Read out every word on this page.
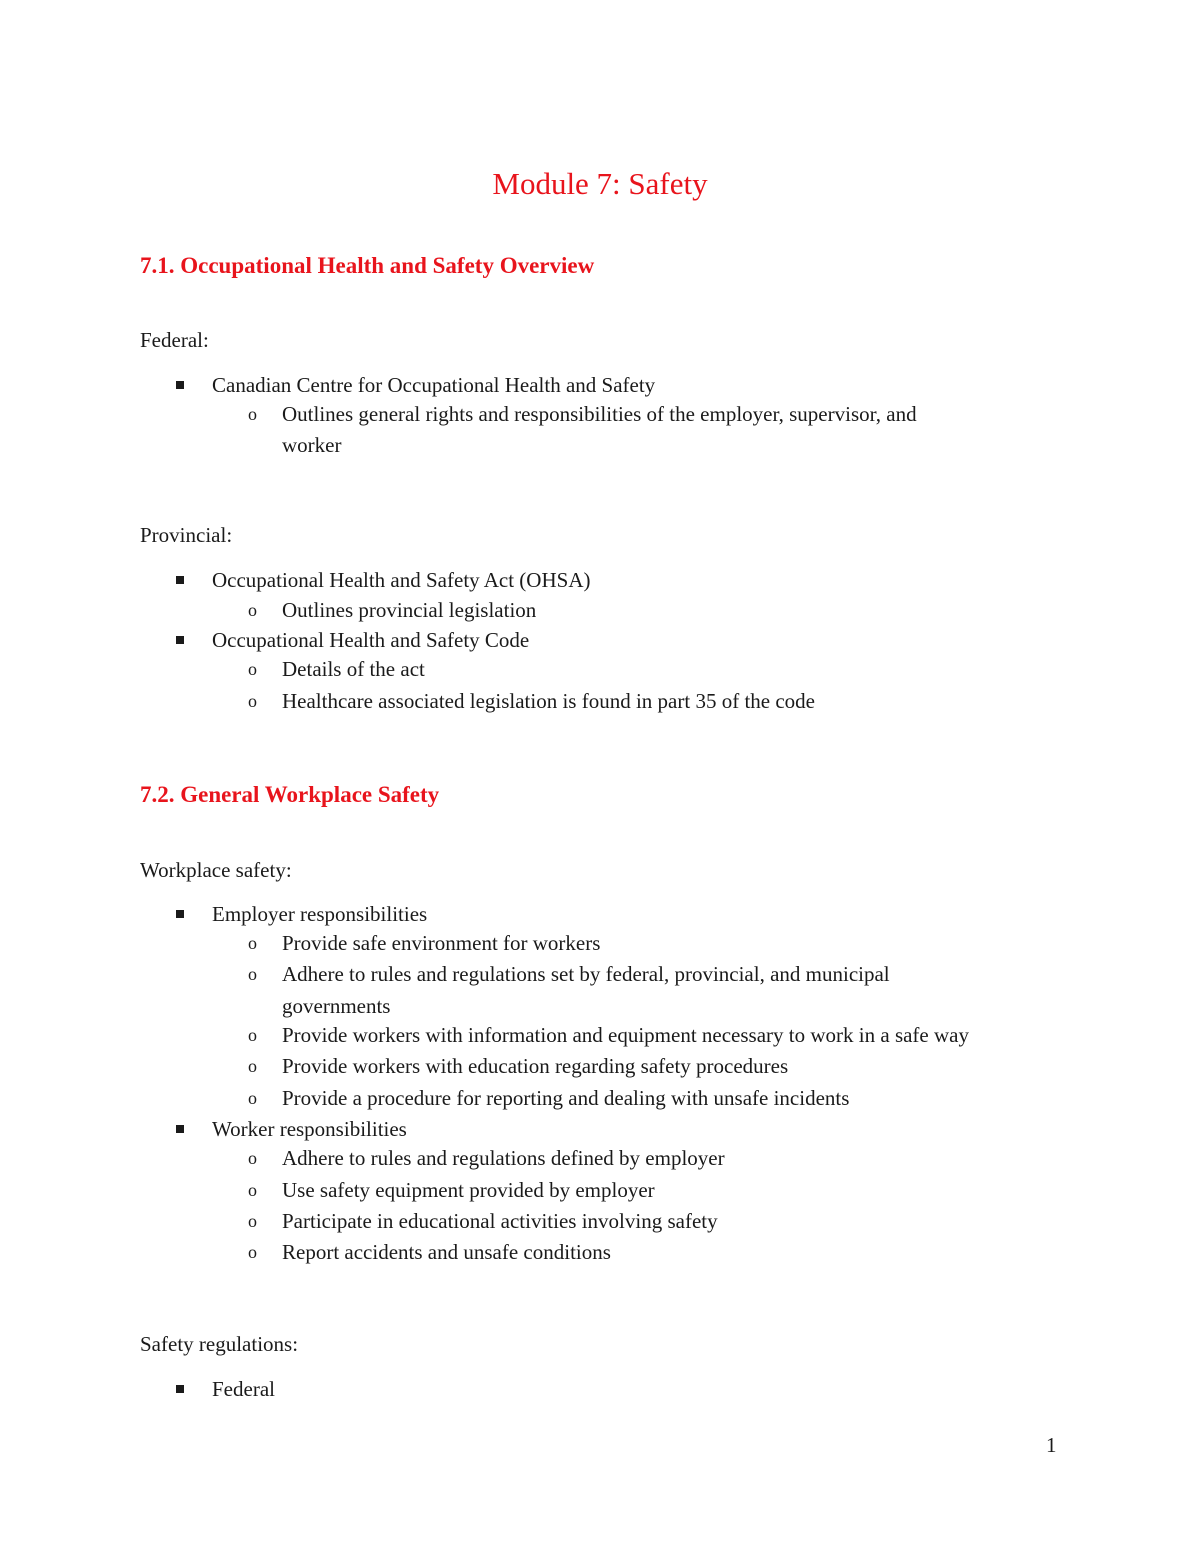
Module 7: Safety
7.1. Occupational Health and Safety Overview
Federal:
Canadian Centre for Occupational Health and Safety
o Outlines general rights and responsibilities of the employer, supervisor, and
worker
Provincial:
Occupational Health and Safety Act (OHSA)
o Outlines provincial legislation
Occupational Health and Safety Code
o Details of the act
o Healthcare associated legislation is found in part 35 of the code
7.2. General Workplace Safety
Workplace safety:
Employer responsibilities
o Provide safe environment for workers
o Adhere to rules and regulations set by federal, provincial, and municipal
governments
o Provide workers with information and equipment necessary to work in a safe way
o Provide workers with education regarding safety procedures
o Provide a procedure for reporting and dealing with unsafe incidents
Worker responsibilities
o Adhere to rules and regulations defined by employer
o Use safety equipment provided by employer
o Participate in educational activities involving safety
o Report accidents and unsafe conditions
Safety regulations:
Federal
1
